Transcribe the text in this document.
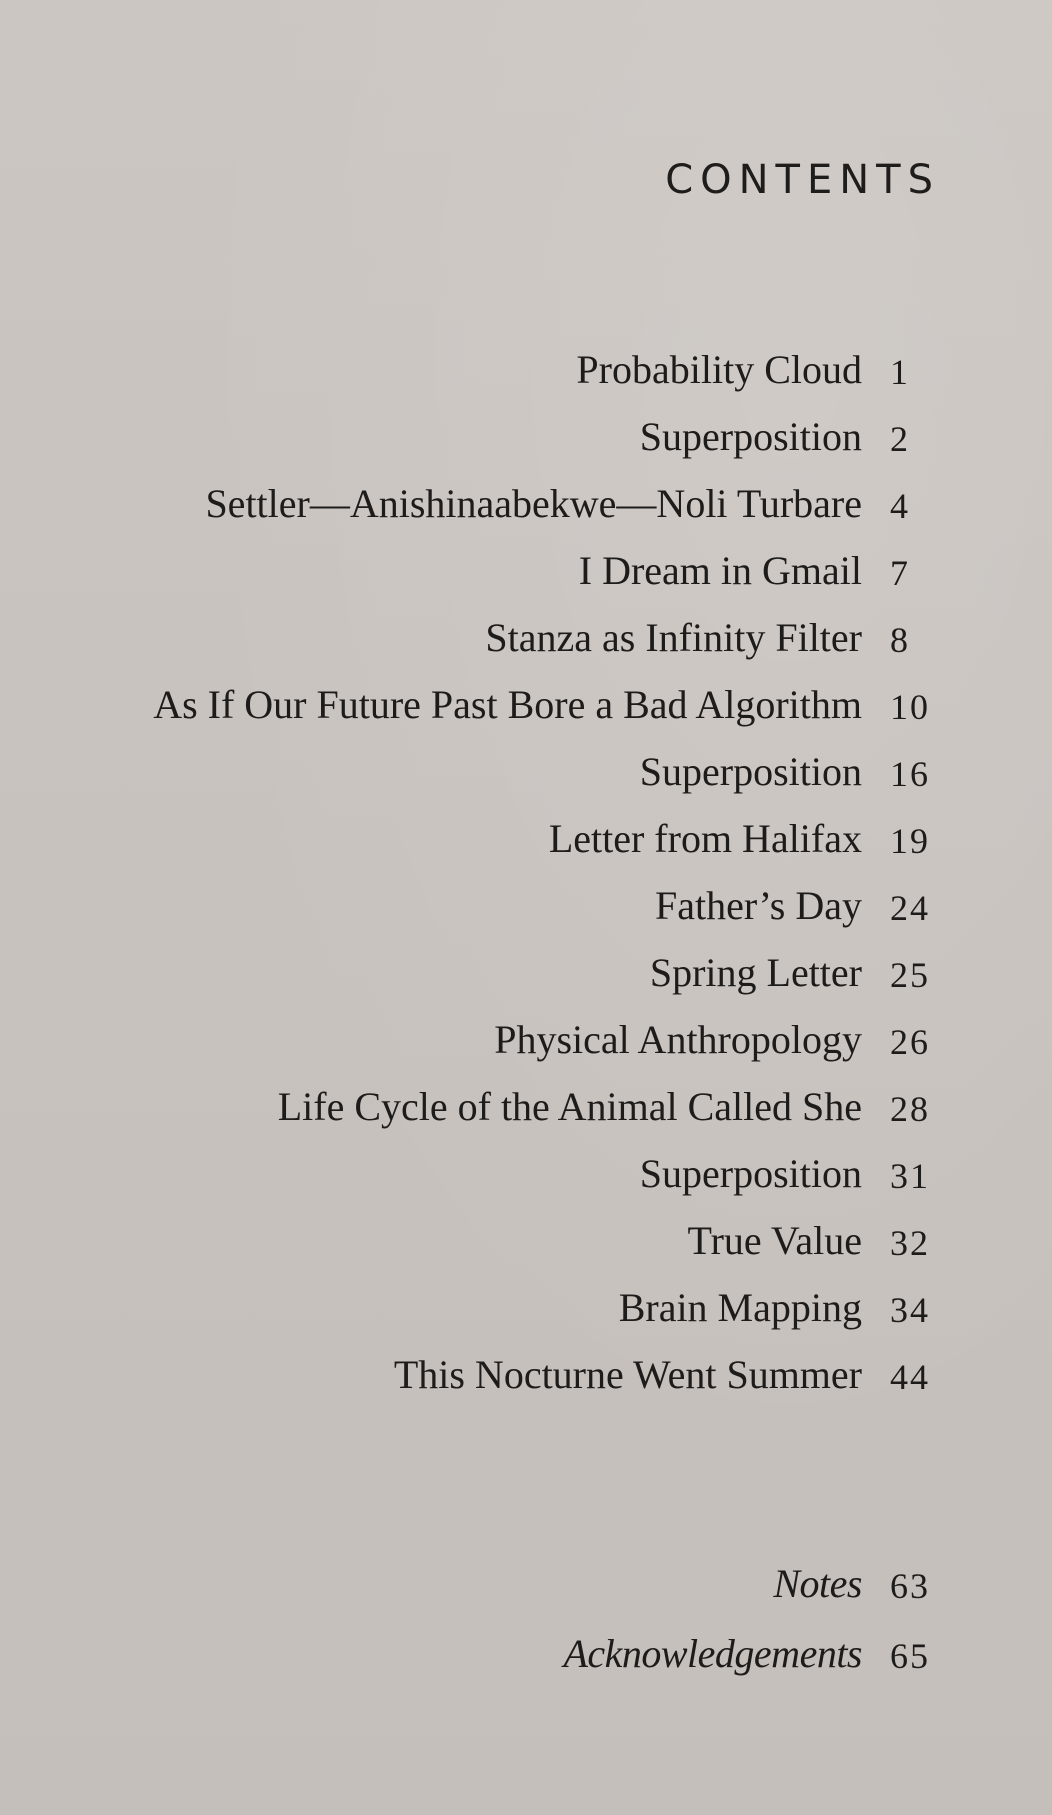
CONTENTS
Probability Cloud 1
Superposition 2
Settler—Anishinaabekwe—Noli Turbare 4
I Dream in Gmail 7
Stanza as Infinity Filter 8
As If Our Future Past Bore a Bad Algorithm 10
Superposition 16
Letter from Halifax 19
Father’s Day 24
Spring Letter 25
Physical Anthropology 26
Life Cycle of the Animal Called She 28
Superposition 31
True Value 32
Brain Mapping 34
This Nocturne Went Summer 44
Notes 63
Acknowledgements 65
